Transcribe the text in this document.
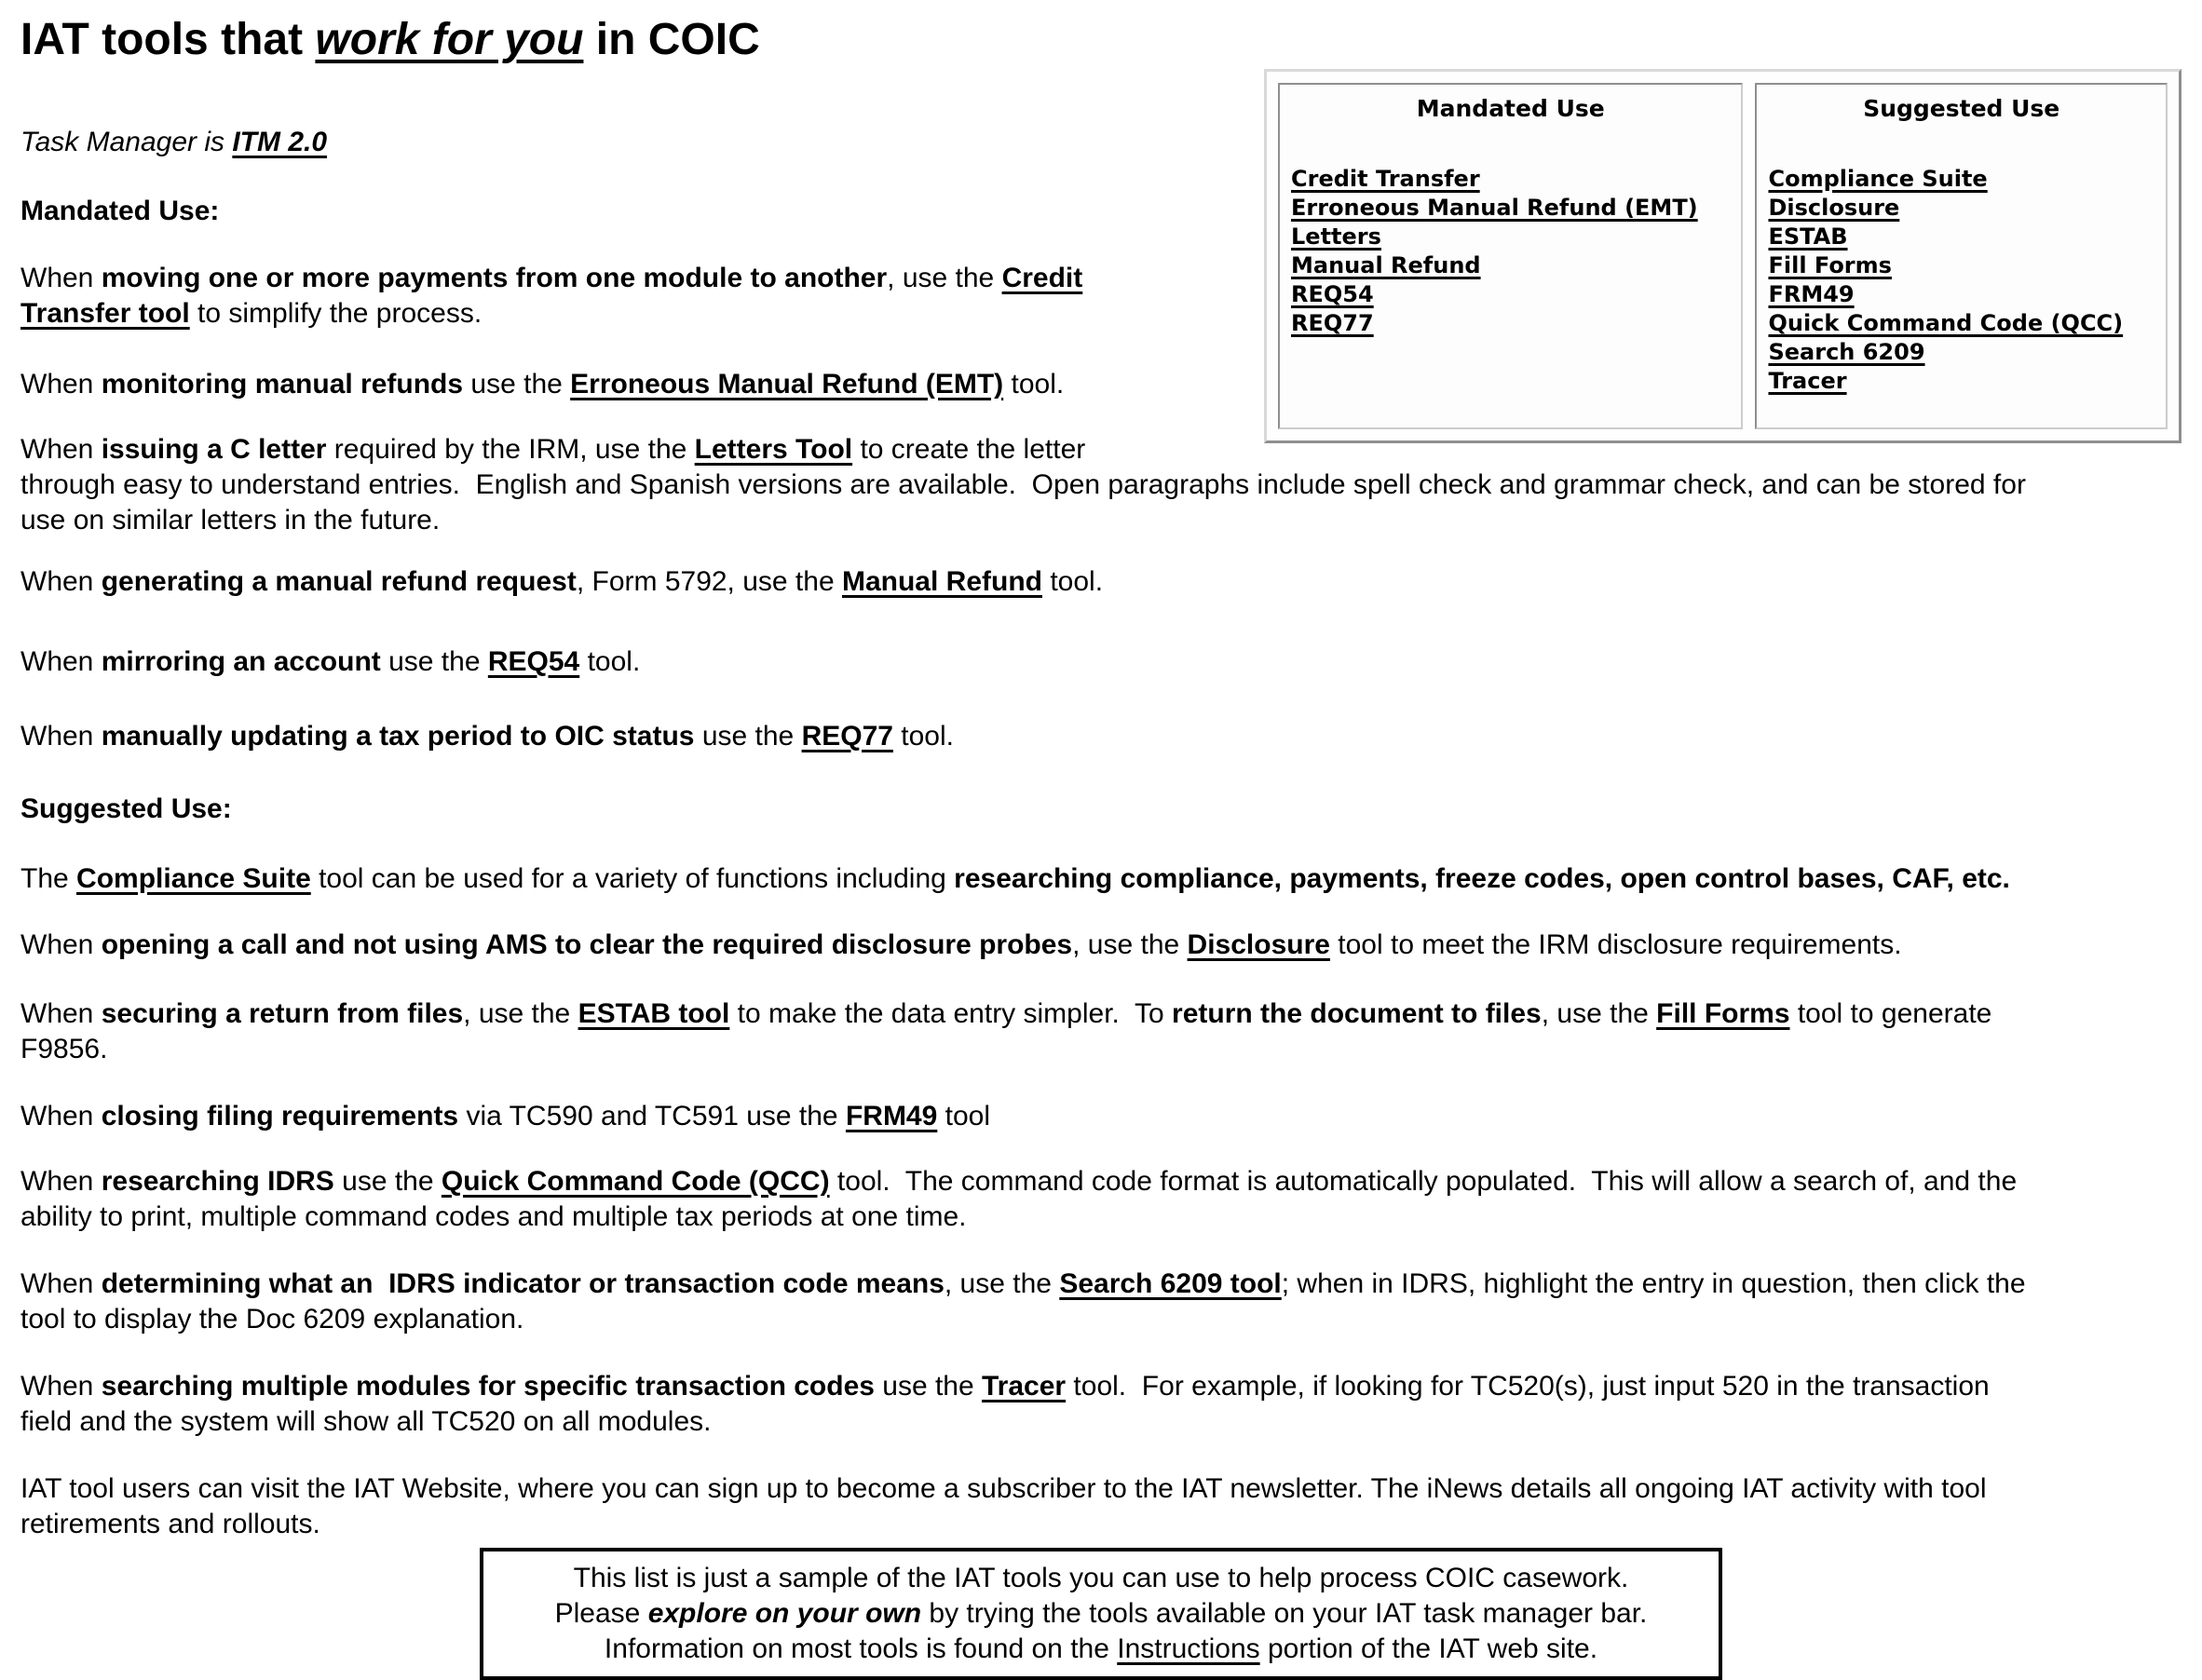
IAT tools that work for you in COIC
Mandated Use
Credit Transfer
Erroneous Manual Refund (EMT)
Letters
Manual Refund
REQ54
REQ77
Suggested Use
Compliance Suite
Disclosure
ESTAB
Fill Forms
FRM49
Quick Command Code (QCC)
Search 6209
Tracer

Task Manager is ITM 2.0

Mandated Use:

When moving one or more payments from one module to another, use the Credit
Transfer tool to simplify the process.

When monitoring manual refunds use the Erroneous Manual Refund (EMT) tool.

When issuing a C letter required by the IRM, use the Letters Tool to create the letter
through easy to understand entries.  English and Spanish versions are available.  Open paragraphs include spell check and grammar check, and can be stored for
use on similar letters in the future.

When generating a manual refund request, Form 5792, use the Manual Refund tool.

When mirroring an account use the REQ54 tool.

When manually updating a tax period to OIC status use the REQ77 tool.

Suggested Use:

The Compliance Suite tool can be used for a variety of functions including researching compliance, payments, freeze codes, open control bases, CAF, etc.

When opening a call and not using AMS to clear the required disclosure probes, use the Disclosure tool to meet the IRM disclosure requirements.

When securing a return from files, use the ESTAB tool to make the data entry simpler.  To return the document to files, use the Fill Forms tool to generate
F9856.

When closing filing requirements via TC590 and TC591 use the FRM49 tool

When researching IDRS use the Quick Command Code (QCC) tool.  The command code format is automatically populated.  This will allow a search of, and the
ability to print, multiple command codes and multiple tax periods at one time.

When determining what an  IDRS indicator or transaction code means, use the Search 6209 tool; when in IDRS, highlight the entry in question, then click the
tool to display the Doc 6209 explanation.

When searching multiple modules for specific transaction codes use the Tracer tool.  For example, if looking for TC520(s), just input 520 in the transaction
field and the system will show all TC520 on all modules.

IAT tool users can visit the IAT Website, where you can sign up to become a subscriber to the IAT newsletter. The iNews details all ongoing IAT activity with tool
retirements and rollouts.

This list is just a sample of the IAT tools you can use to help process COIC casework.
Please explore on your own by trying the tools available on your IAT task manager bar.
Information on most tools is found on the Instructions portion of the IAT web site.
